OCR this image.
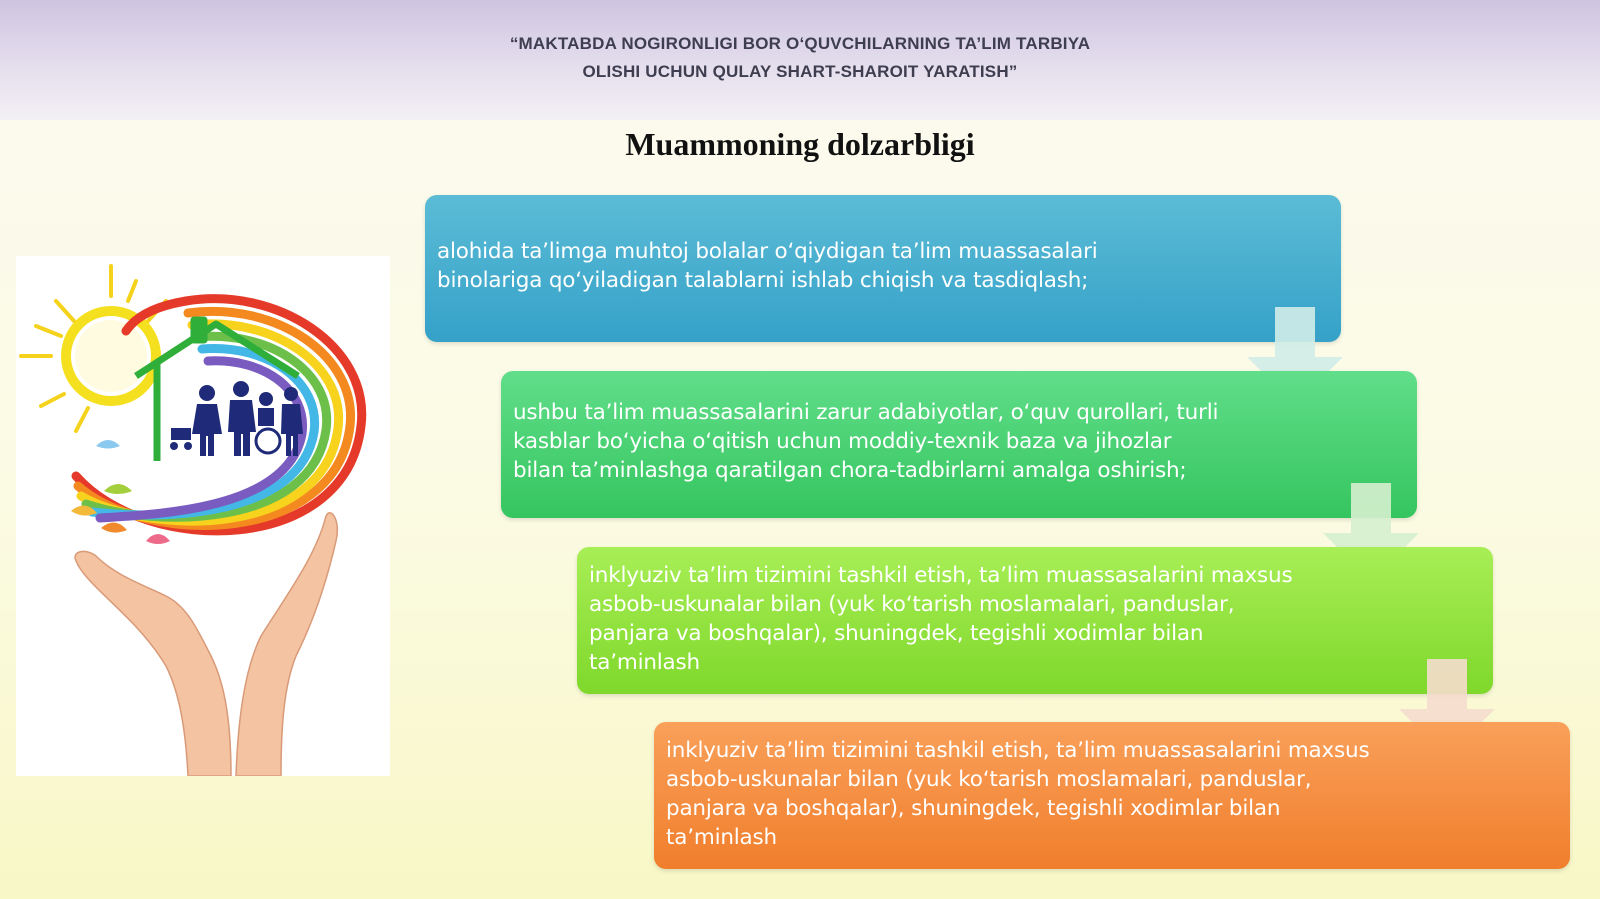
“MAKTABDA NOGIRONLIGI BOR O‘QUVCHILARNING TA’LIM TARBIYA
OLISHI UCHUN QULAY SHART-SHAROIT YARATISH”
Muammoning dolzarbligi
alohida ta’limga muhtoj bolalar o‘qiydigan ta’lim muassasalari binolariga qo‘yiladigan talablarni ishlab chiqish va tasdiqlash;
ushbu ta’lim muassasalarini zarur adabiyotlar, o‘quv qurollari, turli kasblar bo‘yicha o‘qitish uchun moddiy-texnik baza va jihozlar bilan ta’minlashga qaratilgan chora-tadbirlarni amalga oshirish;
inklyuziv ta’lim tizimini tashkil etish, ta’lim muassasalarini maxsus asbob-uskunalar bilan (yuk ko‘tarish moslamalari, panduslar, panjara va boshqalar), shuningdek, tegishli xodimlar bilan ta’minlash
inklyuziv ta’lim tizimini tashkil etish, ta’lim muassasalarini maxsus asbob-uskunalar bilan (yuk ko‘tarish moslamalari, panduslar, panjara va boshqalar), shuningdek, tegishli xodimlar bilan ta’minlash
